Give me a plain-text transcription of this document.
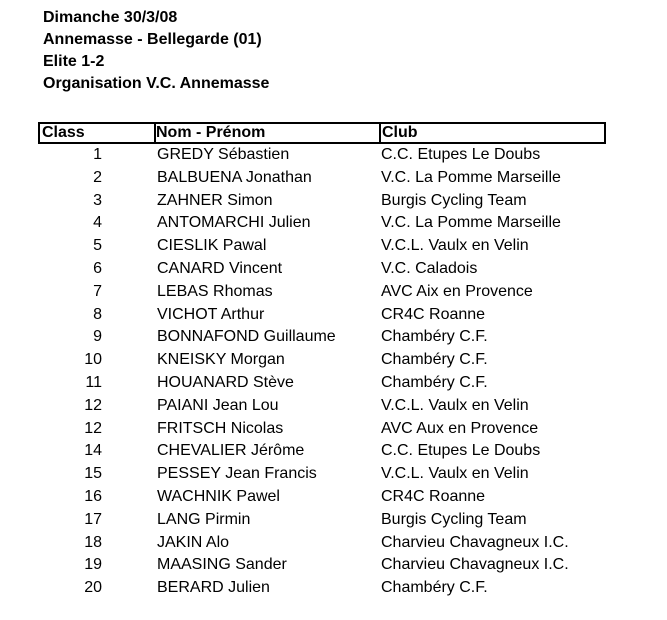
Dimanche 30/3/08
Annemasse - Bellegarde (01)
Elite 1-2
Organisation V.C. Annemasse
Class	Nom - Prénom	Club
1	GREDY Sébastien	C.C. Etupes Le Doubs
2	BALBUENA Jonathan	V.C. La Pomme Marseille
3	ZAHNER Simon	Burgis Cycling Team
4	ANTOMARCHI Julien	V.C. La Pomme Marseille
5	CIESLIK Pawal	V.C.L. Vaulx en Velin
6	CANARD Vincent	V.C. Caladois
7	LEBAS Rhomas	AVC Aix en Provence
8	VICHOT Arthur	CR4C Roanne
9	BONNAFOND Guillaume	Chambéry C.F.
10	KNEISKY Morgan	Chambéry C.F.
11	HOUANARD Stève	Chambéry C.F.
12	PAIANI Jean Lou	V.C.L. Vaulx en Velin
12	FRITSCH Nicolas	AVC Aux en Provence
14	CHEVALIER Jérôme	C.C. Etupes Le Doubs
15	PESSEY Jean Francis	V.C.L. Vaulx en Velin
16	WACHNIK Pawel	CR4C Roanne
17	LANG Pirmin	Burgis Cycling Team
18	JAKIN Alo	Charvieu Chavagneux I.C.
19	MAASING Sander	Charvieu Chavagneux I.C.
20	BERARD Julien	Chambéry C.F.
